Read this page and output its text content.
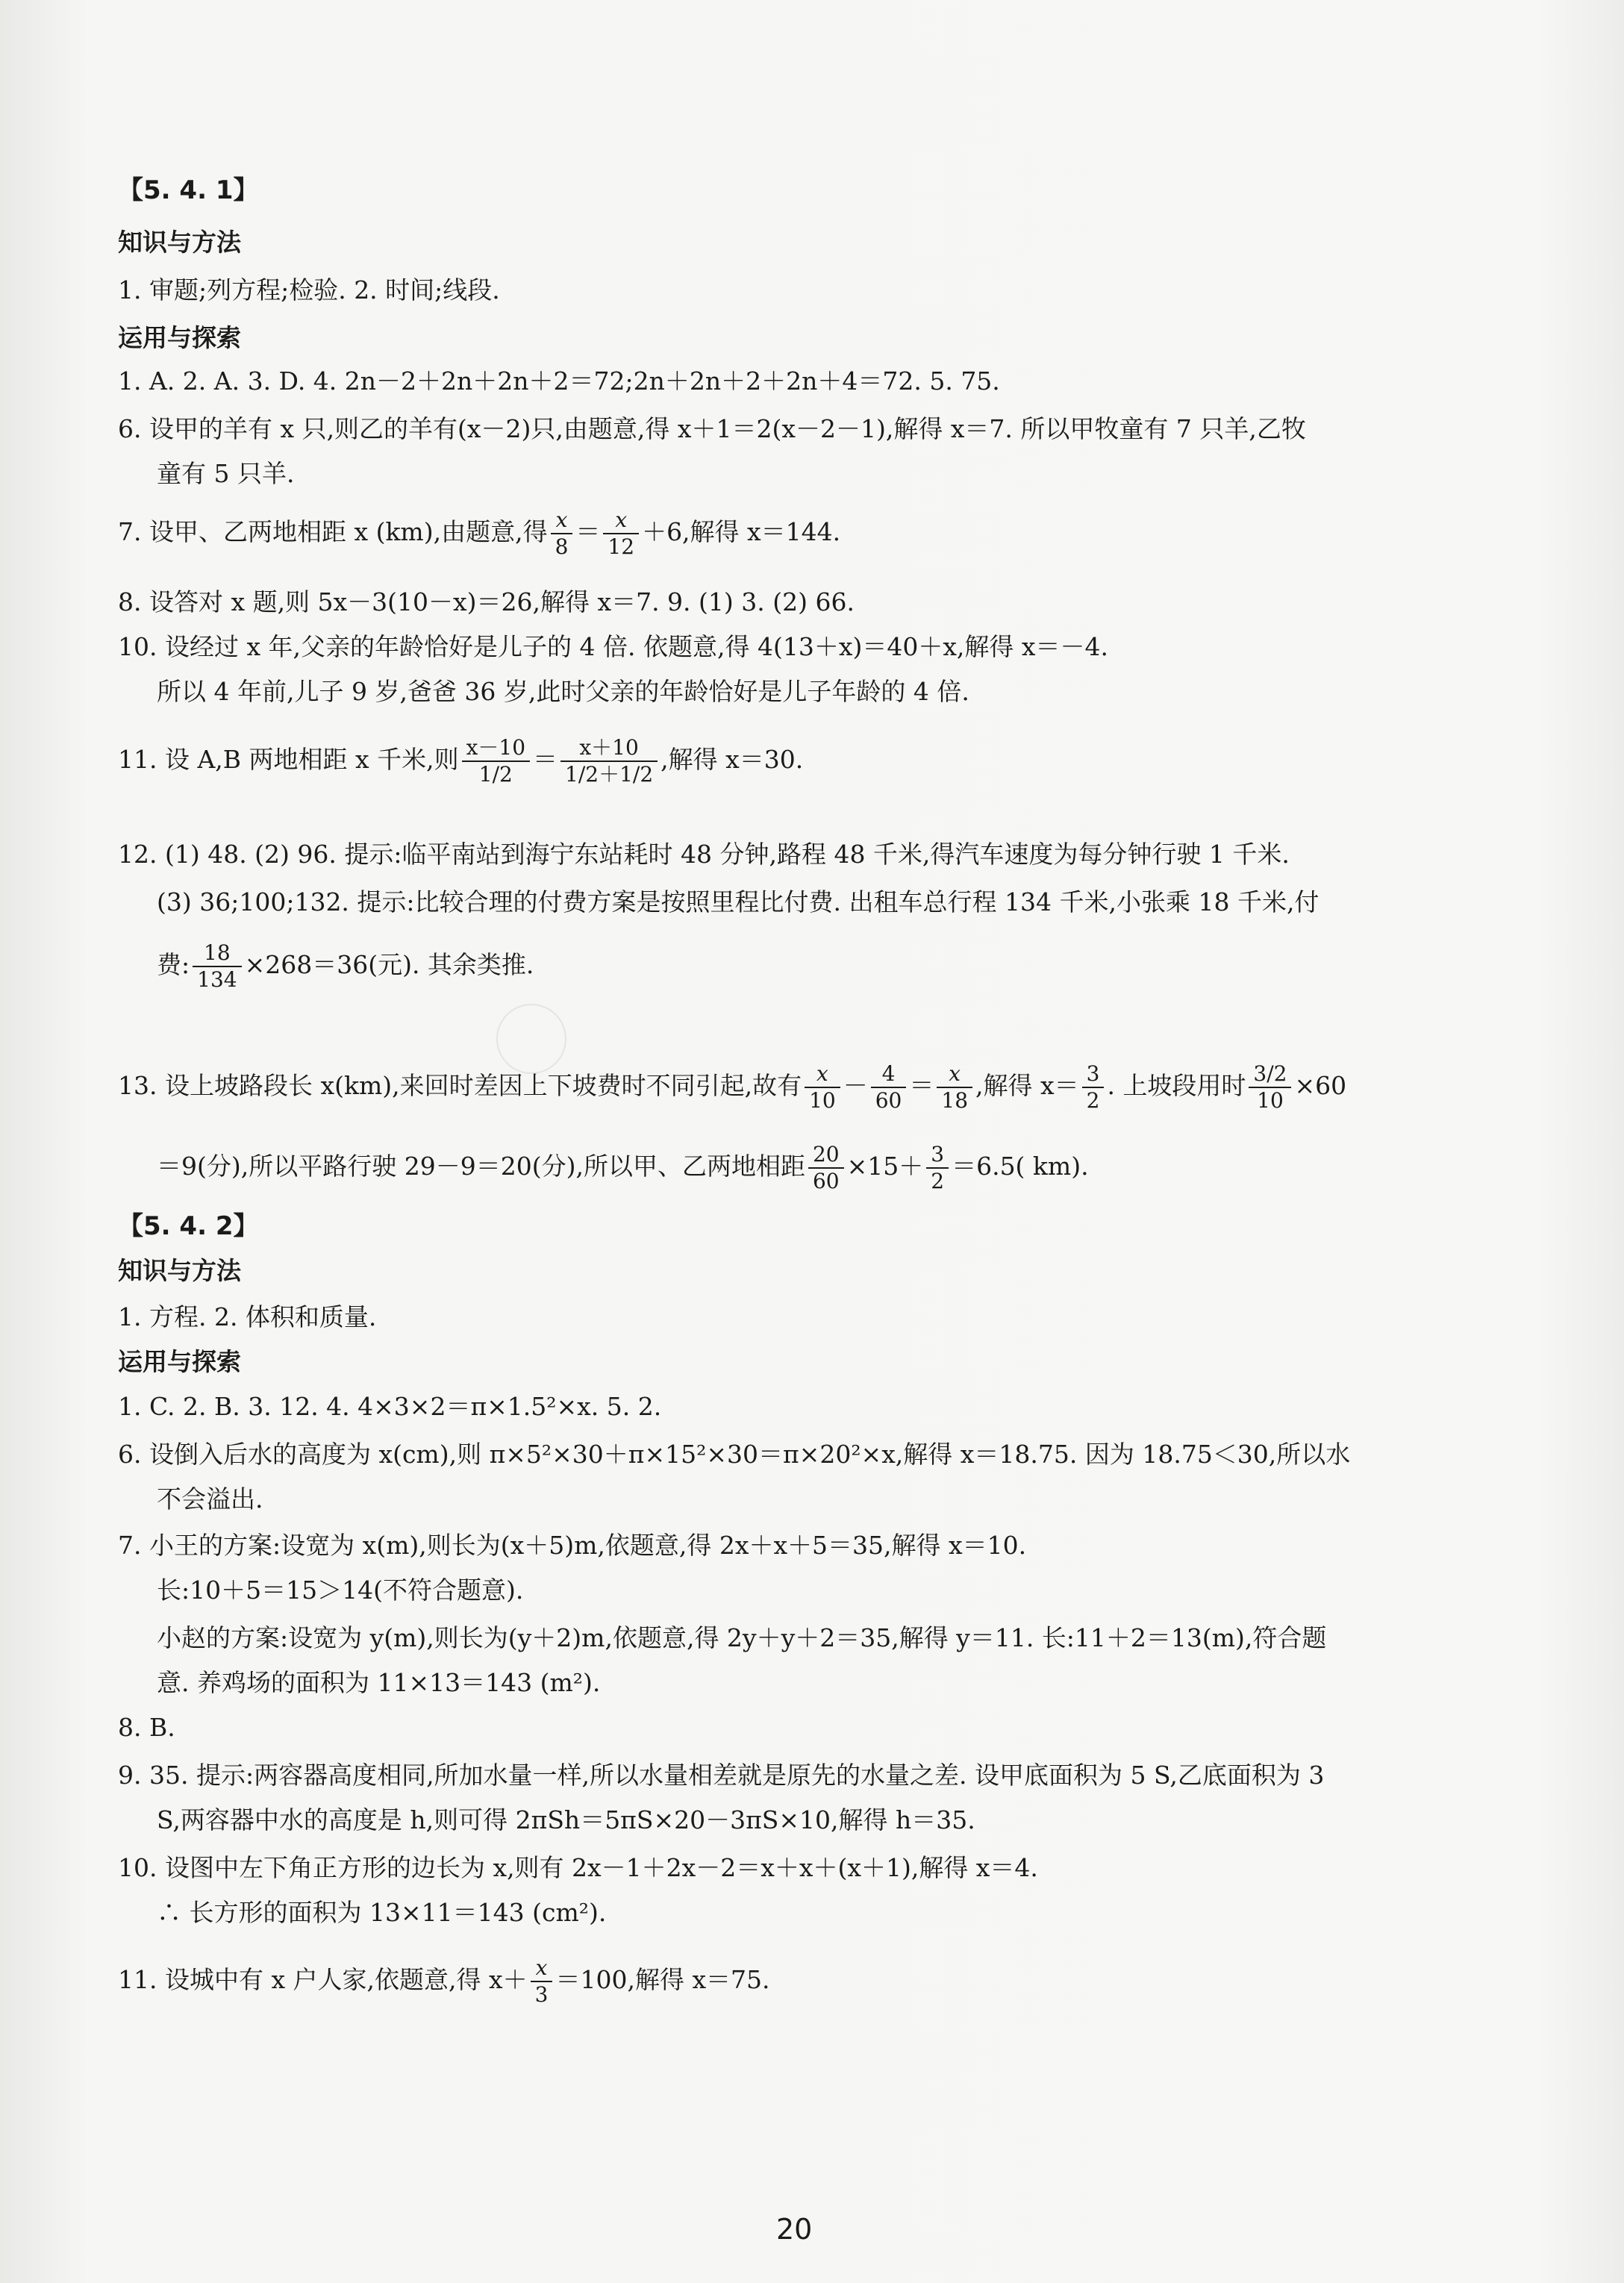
【5. 4. 1】
知识与方法
1. 审题;列方程;检验. 2. 时间;线段.
运用与探索
1. A. 2. A. 3. D. 4. 2n－2＋2n＋2n＋2＝72;2n＋2n＋2＋2n＋4＝72. 5. 75.
6. 设甲的羊有 x 只,则乙的羊有(x－2)只,由题意,得 x＋1＝2(x－2－1),解得 x＝7. 所以甲牧童有 7 只羊,乙牧
童有 5 只羊.
7. 设甲、乙两地相距 x (km),由题意,得 $\frac{x}{8} = \frac{x}{12} +6$,解得 x＝144.
8. 设答对 x 题,则 5x－3(10－x)＝26,解得 x＝7. 9. (1) 3. (2) 66.
10. 设经过 x 年,父亲的年龄恰好是儿子的 4 倍. 依题意,得 4(13＋x)＝40＋x,解得 x＝－4.
所以 4 年前,儿子 9 岁,爸爸 36 岁,此时父亲的年龄恰好是儿子年龄的 4 倍.
11. 设 A,B 两地相距 x 千米,则 $\frac{x-10}{1/2} = \frac{x+10}{1/2+1/2}$ ,解得 x＝30.
12. (1) 48. (2) 96. 提示:临平南站到海宁东站耗时 48 分钟,路程 48 千米,得汽车速度为每分钟行驶 1 千米.
(3) 36;100;132. 提示:比较合理的付费方案是按照里程比付费. 出租车总行程 134 千米,小张乘 18 千米,付
费: $\frac{18}{134} \times 268=36$(元). 其余类推.
13. 设上坡路段长 x(km),来回时差因上下坡费时不同引起,故有 $\frac{x}{10} - \frac{4}{60} = \frac{x}{18}$ ,解得 $x= \frac{3}{2}$ . 上坡段用时 $\frac{3/2}{10} \times 60$
＝9(分),所以平路行驶 29－9＝20(分),所以甲、乙两地相距 $\frac{20}{60} \times 15+ \frac{3}{2} =6.5$( km).
【5. 4. 2】
知识与方法
1. 方程. 2. 体积和质量.
运用与探索
1. C. 2. B. 3. 12. 4. 4×3×2＝π×1.5²×x. 5. 2.
6. 设倒入后水的高度为 x(cm),则 π×5²×30＋π×15²×30＝π×20²×x,解得 x＝18.75. 因为 18.75＜30,所以水
不会溢出.
7. 小王的方案:设宽为 x(m),则长为(x＋5)m,依题意,得 2x＋x＋5＝35,解得 x＝10.
长:10＋5＝15＞14(不符合题意).
小赵的方案:设宽为 y(m),则长为(y＋2)m,依题意,得 2y＋y＋2＝35,解得 y＝11. 长:11＋2＝13(m),符合题
意. 养鸡场的面积为 11×13＝143 (m²).
8. B.
9. 35. 提示:两容器高度相同,所加水量一样,所以水量相差就是原先的水量之差. 设甲底面积为 5 S,乙底面积为 3
S,两容器中水的高度是 h,则可得 2πSh＝5πS×20－3πS×10,解得 h＝35.
10. 设图中左下角正方形的边长为 x,则有 2x－1＋2x－2＝x＋x＋(x＋1),解得 x＝4.
∴ 长方形的面积为 13×11＝143 (cm²).
11. 设城中有 x 户人家,依题意,得 $x+ \frac{x}{3} =100$,解得 x＝75.
20
